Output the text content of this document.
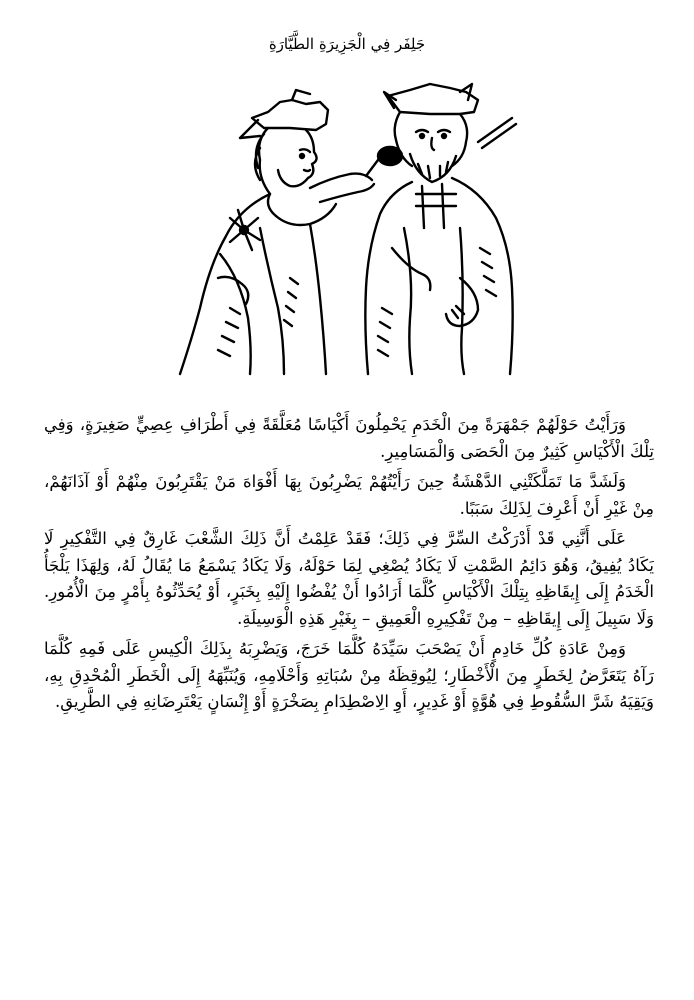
جَلِفَر فِي الْجَزِيرَةِ الطَّيَّارَةِ

وَرَأَيْتُ حَوْلَهُمْ جَمْهَرَةً مِنَ الْخَدَمِ يَحْمِلُونَ أَكْيَاسًا مُعَلَّقَةً فِي أَطْرَافِ عِصِيٍّ صَغِيرَةٍ، وَفِي تِلْكَ الْأَكْيَاسِ كَثِيرٌ مِنَ الْحَصَى وَالْمَسَامِيرِ.

وَلَشَدَّ مَا تَمَلَّكَتْنِي الدَّهْشَةُ حِينَ رَأَيْتُهُمْ يَضْرِبُونَ بِهَا أَفْوَاهَ مَنْ يَقْتَرِبُونَ مِنْهُمْ أَوْ آذَانَهُمْ، مِنْ غَيْرِ أَنْ أَعْرِفَ لِذَلِكَ سَبَبًا.

عَلَى أَنَّنِي قَدْ أَدْرَكْتُ السِّرَّ فِي ذَلِكَ؛ فَقَدْ عَلِمْتُ أَنَّ ذَلِكَ الشَّعْبَ غَارِقٌ فِي التَّفْكِيرِ لَا يَكَادُ يُفِيقُ، وَهُوَ دَائِمُ الصَّمْتِ لَا يَكَادُ يُصْغِي لِمَا حَوْلَهُ، وَلَا يَكَادُ يَسْمَعُ مَا يُقَالُ لَهُ، وَلِهَذَا يَلْجَأُ الْخَدَمُ إِلَى إِيقَاظِهِ بِتِلْكَ الْأَكْيَاسِ كُلَّمَا أَرَادُوا أَنْ يُفْضُوا إِلَيْهِ بِخَبَرٍ، أَوْ يُحَدِّثُوهُ بِأَمْرٍ مِنَ الْأُمُورِ. وَلَا سَبِيلَ إِلَى إِيقَاظِهِ – مِنْ تَفْكِيرِهِ الْعَمِيقِ – بِغَيْرِ هَذِهِ الْوَسِيلَةِ.

وَمِنْ عَادَةِ كُلِّ خَادِمٍ أَنْ يَصْحَبَ سَيِّدَهُ كُلَّمَا خَرَجَ، وَيَضْرِبَهُ بِذَلِكَ الْكِيسِ عَلَى فَمِهِ كُلَّمَا رَآهُ يَتَعَرَّضُ لِخَطَرٍ مِنَ الْأَخْطَارِ؛ لِيُوقِظَهُ مِنْ سُبَاتِهِ وَأَحْلَامِهِ، وَيُنَبِّهَهُ إِلَى الْخَطَرِ الْمُحْدِقِ بِهِ، وَيَقِيَهُ شَرَّ السُّقُوطِ فِي هُوَّةٍ أَوْ غَدِيرٍ، أَوِ الِاصْطِدَامِ بِصَخْرَةٍ أَوْ إِنْسَانٍ يَعْتَرِضَانِهِ فِي الطَّرِيقِ.
